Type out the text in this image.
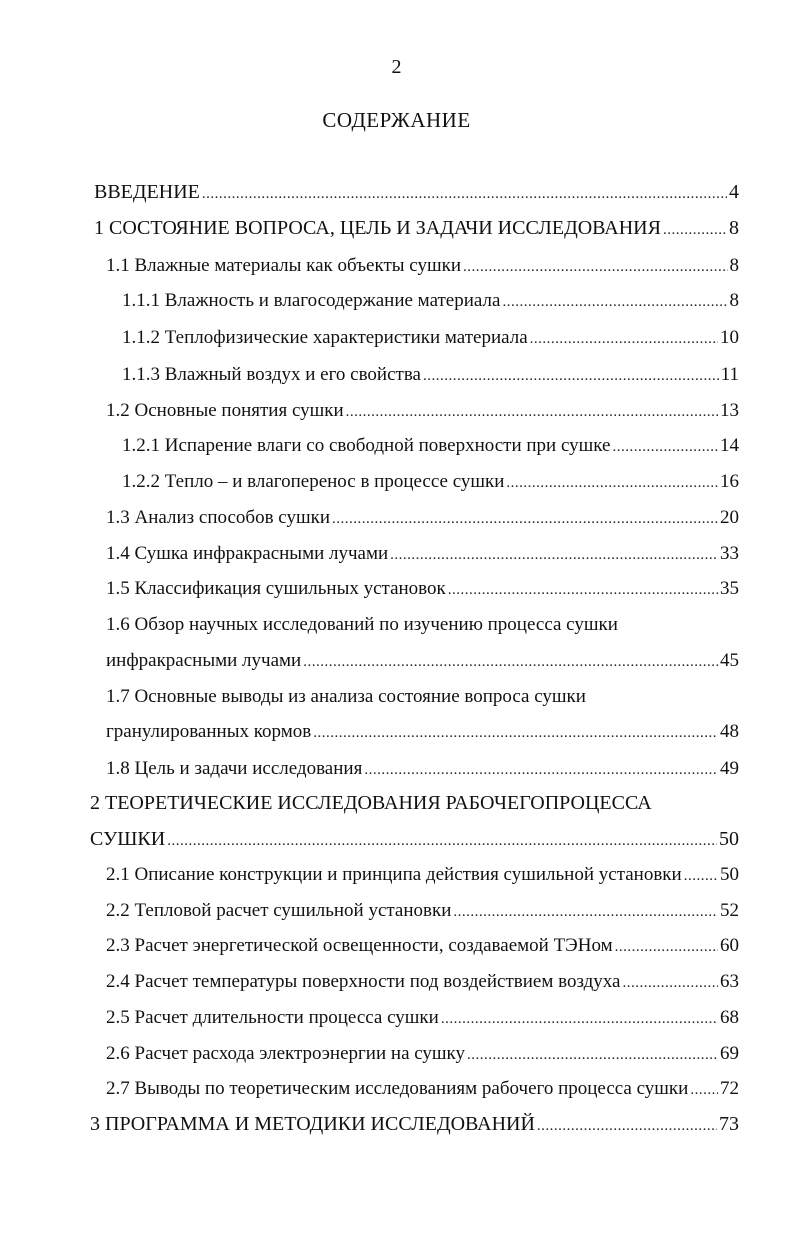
2
СОДЕРЖАНИЕ
ВВЕДЕНИЕ .....	4
1 СОСТОЯНИЕ ВОПРОСА, ЦЕЛЬ И ЗАДАЧИ ИССЛЕДОВАНИЯ .....	8
1.1 Влажные материалы как объекты сушки .....	8
1.1.1 Влажность и влагосодержание материала .....	8
1.1.2 Теплофизические характеристики материала .....	10
1.1.3 Влажный воздух и его свойства .....	11
1.2 Основные понятия сушки .....	13
1.2.1 Испарение влаги со свободной поверхности при сушке .....	14
1.2.2 Тепло – и влагоперенос в процессе сушки .....	16
1.3 Анализ способов сушки .....	20
1.4 Сушка инфракрасными лучами .....	33
1.5 Классификация сушильных установок .....	35
1.6 Обзор научных исследований по изучению процесса сушки
инфракрасными лучами .....	45
1.7 Основные выводы из анализа состояние вопроса сушки
гранулированных кормов .....	48
1.8 Цель и задачи исследования .....	49
2 ТЕОРЕТИЧЕСКИЕ ИССЛЕДОВАНИЯ РАБОЧЕГОПРОЦЕССА
СУШКИ .....	50
2.1 Описание конструкции и принципа действия сушильной установки ..... 50
2.2 Тепловой расчет сушильной установки .....	52
2.3 Расчет энергетической освещенности, создаваемой ТЭНом .....	60
2.4 Расчет температуры поверхности под воздействием воздуха .....	63
2.5 Расчет длительности процесса сушки .....	68
2.6 Расчет расхода электроэнергии на сушку .....	69
2.7 Выводы по теоретическим исследованиям рабочего процесса сушки ..... 72
3 ПРОГРАММА И МЕТОДИКИ ИССЛЕДОВАНИЙ .....	73
